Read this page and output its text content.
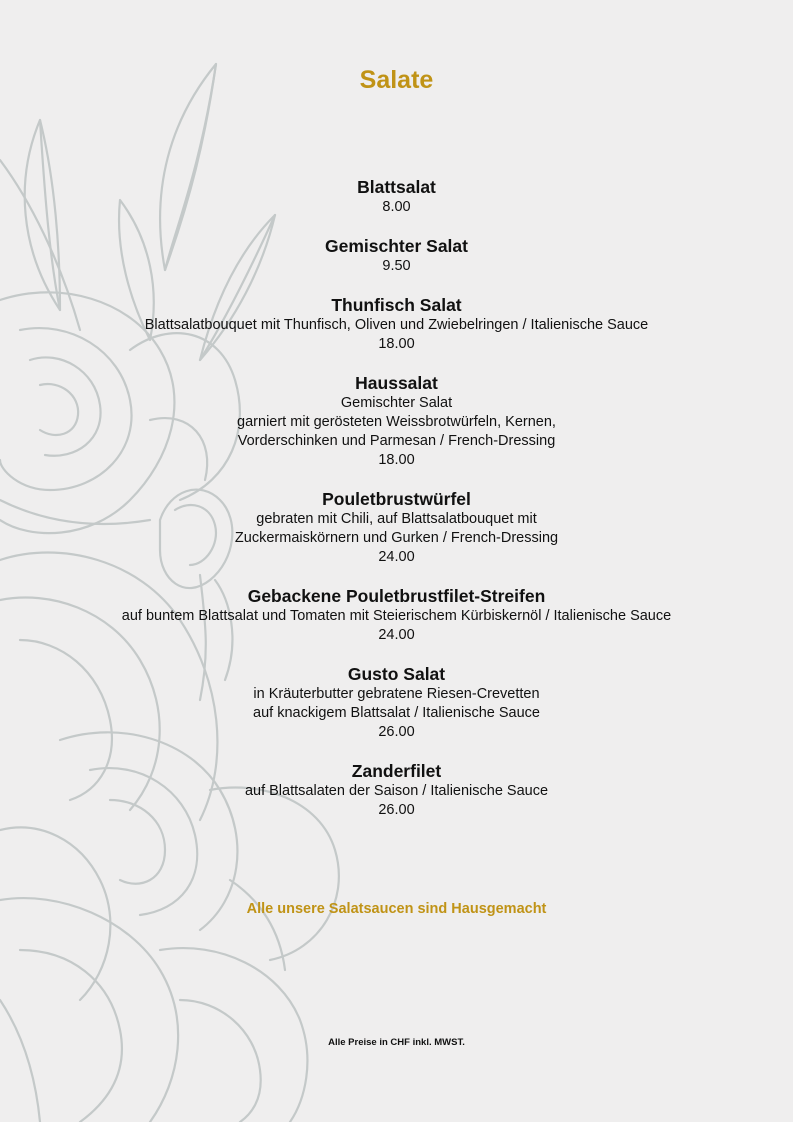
Salate
Blattsalat
8.00
Gemischter Salat
9.50
Thunfisch Salat
Blattsalatbouquet mit Thunfisch, Oliven und Zwiebelringen / Italienische Sauce
18.00
Haussalat
Gemischter Salat
garniert mit gerösteten Weissbrotwürfeln, Kernen,
Vorderschinken und Parmesan / French-Dressing
18.00
Pouletbrustwürfel
gebraten mit Chili, auf Blattsalatbouquet mit
Zuckermaiskörnern und Gurken / French-Dressing
24.00
Gebackene Pouletbrustfilet-Streifen
auf buntem Blattsalat und Tomaten mit Steierischem Kürbiskernöl / Italienische Sauce
24.00
Gusto Salat
in Kräuterbutter gebratene Riesen-Crevetten
auf knackigem Blattsalat / Italienische Sauce
26.00
Zanderfilet
auf Blattsalaten der Saison / Italienische Sauce
26.00
Alle unsere Salatsaucen sind Hausgemacht
Alle Preise in CHF inkl. MWST.
